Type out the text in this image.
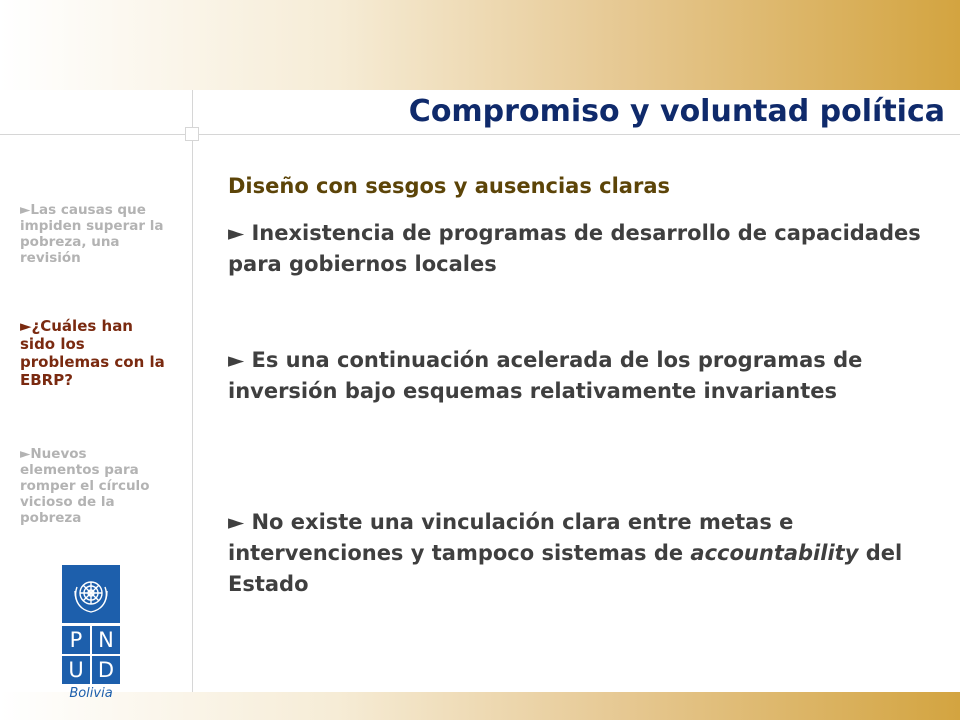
Compromiso y voluntad política
Diseño con sesgos y ausencias claras
► Inexistencia de programas de desarrollo de capacidades para gobiernos locales
► Es una continuación acelerada de los programas de inversión bajo esquemas relativamente invariantes
► No existe una vinculación clara entre metas e intervenciones y tampoco sistemas de accountability del Estado
►Las causas que impiden superar la pobreza, una revisión
►¿Cuáles han sido los problemas con la EBRP?
►Nuevos elementos para romper el círculo vicioso de la pobreza
P N
U D
Bolivia
